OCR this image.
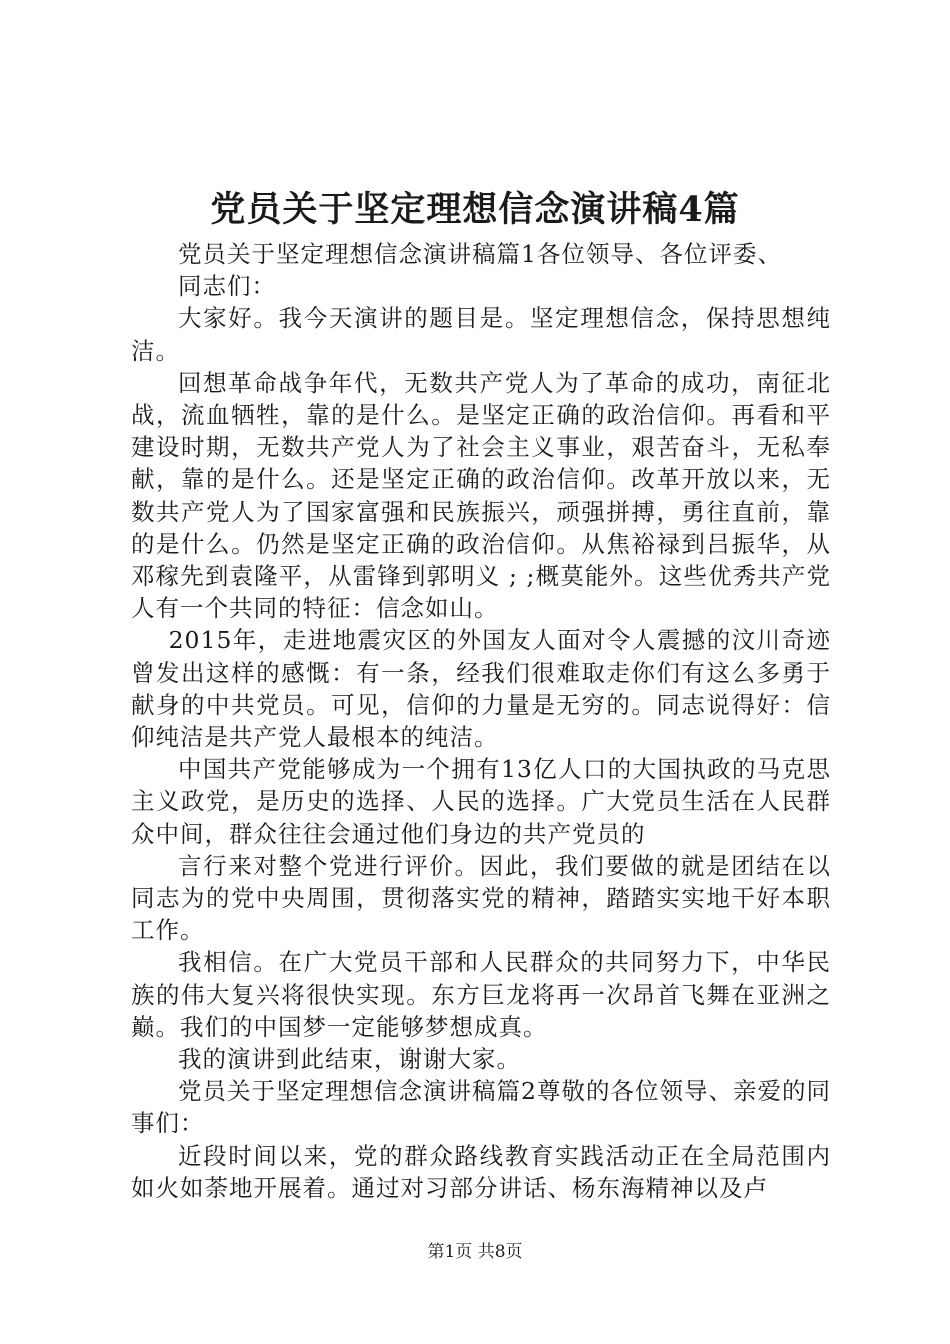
党员关于坚定理想信念演讲稿4篇

党员关于坚定理想信念演讲稿篇1各位领导、各位评委、

同志们：

大家好。我今天演讲的题目是。坚定理想信念，保持思想纯洁。

回想革命战争年代，无数共产党人为了革命的成功，南征北战，流血牺牲，靠的是什么。是坚定正确的政治信仰。再看和平建设时期，无数共产党人为了社会主义事业，艰苦奋斗，无私奉献，靠的是什么。还是坚定正确的政治信仰。改革开放以来，无数共产党人为了国家富强和民族振兴，顽强拼搏，勇往直前，靠的是什么。仍然是坚定正确的政治信仰。从焦裕禄到吕振华，从邓稼先到袁隆平，从雷锋到郭明义 ; ;概莫能外。这些优秀共产党人有一个共同的特征：信念如山。

2015年，走进地震灾区的外国友人面对令人震撼的汶川奇迹曾发出这样的感慨：有一条，经我们很难取走你们有这么多勇于献身的中共党员。可见，信仰的力量是无穷的。同志说得好：信仰纯洁是共产党人最根本的纯洁。

中国共产党能够成为一个拥有13亿人口的大国执政的马克思主义政党，是历史的选择、人民的选择。广大党员生活在人民群众中间，群众往往会通过他们身边的共产党员的

言行来对整个党进行评价。因此，我们要做的就是团结在以同志为的党中央周围，贯彻落实党的精神，踏踏实实地干好本职工作。

我相信。在广大党员干部和人民群众的共同努力下，中华民族的伟大复兴将很快实现。东方巨龙将再一次昂首飞舞在亚洲之巅。我们的中国梦一定能够梦想成真。

我的演讲到此结束，谢谢大家。

党员关于坚定理想信念演讲稿篇2尊敬的各位领导、亲爱的同事们：

近段时间以来，党的群众路线教育实践活动正在全局范围内如火如荼地开展着。通过对习部分讲话、杨东海精神以及卢

第1页 共8页
